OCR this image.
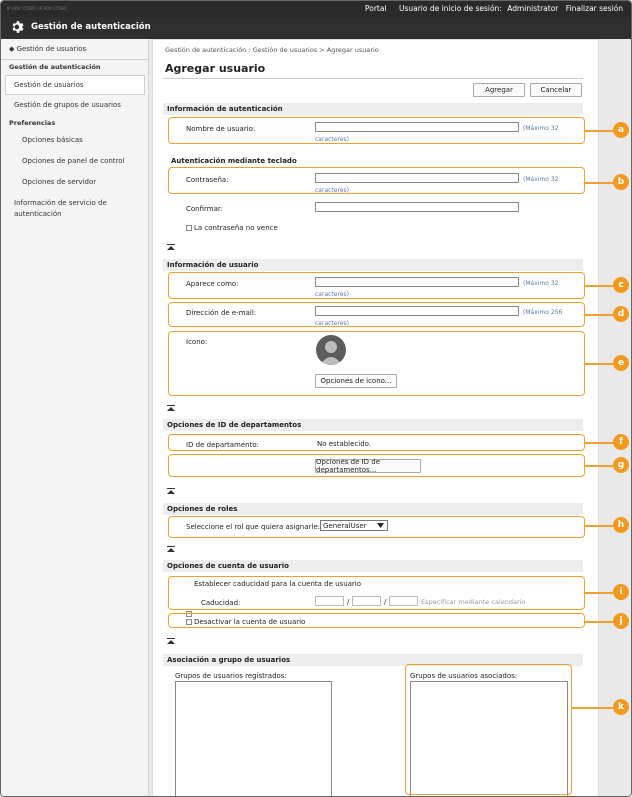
IP ADV C5560 / IP ADV C5560	Portal Usuario de inicio de sesión: Administrator Finalizar sesión
Gestión de autenticación
◆ Gestión de usuarios
Gestión de autenticación
Gestión de usuarios
Gestión de grupos de usuarios
Preferencias
Opciones básicas
Opciones de panel de control
Opciones de servidor
Información de servicio de
autenticación
Gestión de autenticación : Gestión de usuarios > Agregar usuario
Agregar usuario
Agregar	Cancelar
Información de autenticación
Nombre de usuario:	(Máximo 32
caracteres)
Autenticación mediante teclado
Contraseña:	(Máximo 32
caracteres)
Confirmar:
La contraseña no vence
Información de usuario
Aparece como:	(Máximo 32
caracteres)
Dirección de e-mail:	(Máximo 256
caracteres)
Icono:
Opciones de icono...
Opciones de ID de departamentos
ID de departamento:	No establecido.
Opciones de ID de departamentos...
Opciones de roles
Seleccione el rol que quiera asignarle: GeneralUser
Opciones de cuenta de usuario
Establecer caducidad para la cuenta de usuario
Caducidad:	/	/	Especificar mediante calendario
Desactivar la cuenta de usuario
Asociación a grupo de usuarios
Grupos de usuarios registrados:	Grupos de usuarios asociados:
a
b
c
d
e
f
g
h
i
j
k
